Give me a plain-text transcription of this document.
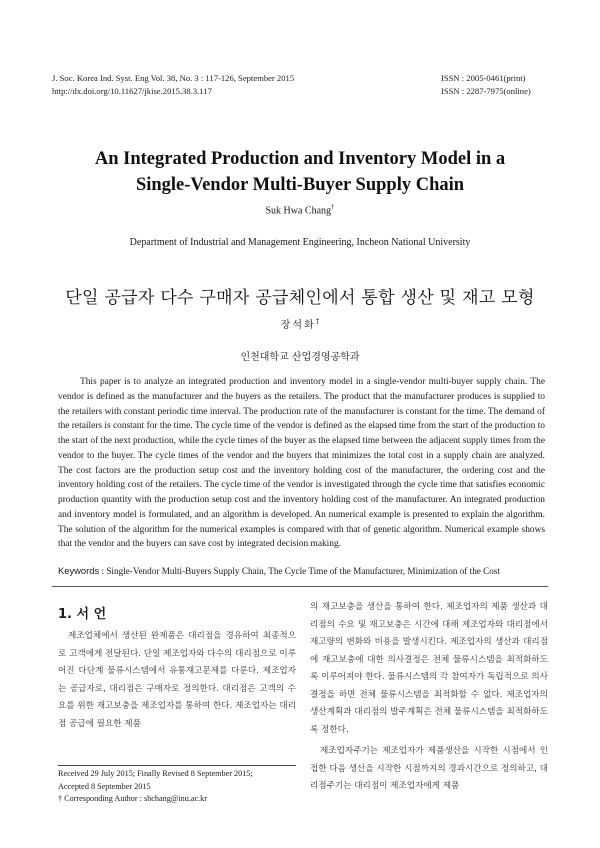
J. Soc. Korea Ind. Syst. Eng Vol. 38, No. 3 : 117-126, September 2015
http://dx.doi.org/10.11627/jkise.2015.38.3.117
ISSN : 2005-0461(print)
ISSN : 2287-7975(online)
An Integrated Production and Inventory Model in a
Single-Vendor Multi-Buyer Supply Chain
Suk Hwa Chang†
Department of Industrial and Management Engineering, Incheon National University
단일 공급자 다수 구매자 공급체인에서 통합 생산 및 재고 모형
장석화†
인천대학교 산업경영공학과
This paper is to analyze an integrated production and inventory model in a single-vendor multi-buyer supply chain. The vendor is defined as the manufacturer and the buyers as the retailers. The product that the manufacturer produces is supplied to the retailers with constant periodic time interval. The production rate of the manufacturer is constant for the time. The demand of the retailers is constant for the time. The cycle time of the vendor is defined as the elapsed time from the start of the production to the start of the next production, while the cycle times of the buyer as the elapsed time between the adjacent supply times from the vendor to the buyer. The cycle times of the vendor and the buyers that minimizes the total cost in a supply chain are analyzed. The cost factors are the production setup cost and the inventory holding cost of the manufacturer, the ordering cost and the inventory holding cost of the retailers. The cycle time of the vendor is investigated through the cycle time that satisfies economic production quantity with the production setup cost and the inventory holding cost of the manufacturer. An integrated production and inventory model is formulated, and an algorithm is developed. An numerical example is presented to explain the algorithm. The solution of the algorithm for the numerical examples is compared with that of genetic algorithm. Numerical example shows that the vendor and the buyers can save cost by integrated decision making.
Keywords : Single-Vendor Multi-Buyers Supply Chain, The Cycle Time of the Manufacturer, Minimization of the Cost
1. 서 언

제조업체에서 생산된 완제품은 대리점을 경유하여 최종적으로 고객에게 전달된다. 단일 제조업자와 다수의 대리점으로 이루어진 다단계 물류시스템에서 유통재고문제를 다룬다. 제조업자는 공급자로, 대리점은 구매자로 정의한다. 대리점은 고객의 수요를 위한 재고보충을 제조업자를 통하여 한다. 제조업자는 대리점 공급에 필요한 제품

의 재고보충을 생산을 통하여 한다. 제조업자의 제품 생산과 대리점의 수요 및 재고보충은 시간에 대해 제조업자와 대리점에서 재고량의 변화와 비용을 발생시킨다. 제조업자의 생산과 대리점에 재고보충에 대한 의사결정은 전체 물류시스템을 최적화하도록 이루어져야 한다. 물류시스템의 각 참여자가 독립적으로 의사결정을 하면 전체 물류시스템을 최적화할 수 없다. 제조업자의 생산계획과 대리점의 발주계획은 전체 물류시스템을 최적화하도록 정한다.

제조업자주기는 제조업자가 제품생산을 시작한 시점에서 인접한 다음 생산을 시작한 시점까지의 경과시간으로 정의하고, 대리점주기는 대리점이 제조업자에게 제품

Received 29 July 2015; Finally Revised 8 September 2015;
Accepted 8 September 2015
† Corresponding Author : shchang@inu.ac.kr
